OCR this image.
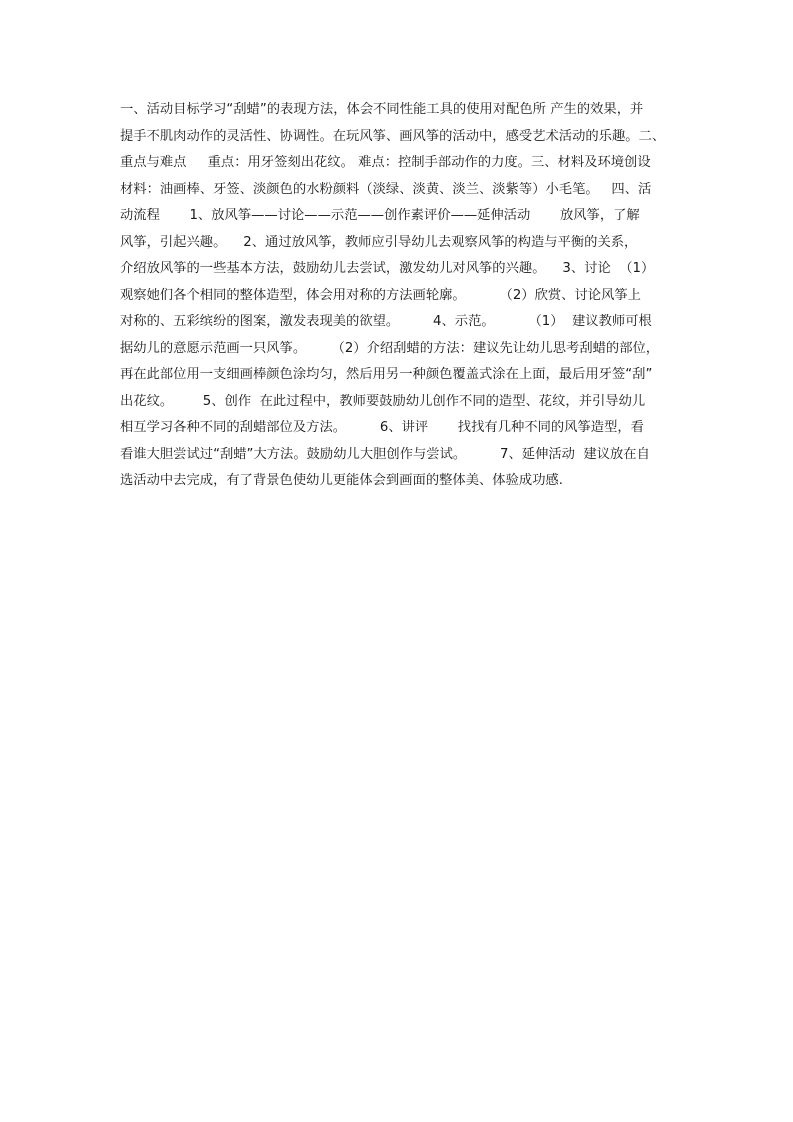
一、活动目标学习“刮蜡”的表现方法，体会不同性能工具的使用对配色所 产生的效果，并
提手不肌肉动作的灵活性、协调性。在玩风筝、画风筝的活动中，感受艺术活动的乐趣。二、
重点与难点     重点：用牙签刻出花纹。 难点：控制手部动作的力度。三、材料及环境创设
材料：油画棒、牙签、淡颜色的水粉颜料（淡绿、淡黄、淡兰、淡紫等）小毛笔。   四、活
动流程       1、放风筝——讨论——示范——创作素评价——延伸活动       放风筝，了解
风筝，引起兴趣。    2、通过放风筝，教师应引导幼儿去观察风筝的构造与平衡的关系，
介绍放风筝的一些基本方法，鼓励幼儿去尝试，激发幼儿对风筝的兴趣。    3、讨论  （1）
观察她们各个相同的整体造型，体会用对称的方法画轮廓。        （2）欣赏、讨论风筝上
对称的、五彩缤纷的图案，激发表现美的欲望。        4、示范。        （1）  建议教师可根
据幼儿的意愿示范画一只风筝。      （2）介绍刮蜡的方法：建议先让幼儿思考刮蜡的部位，
再在此部位用一支细画棒颜色涂均匀，然后用另一种颜色覆盖式涂在上面，最后用牙签“刮”
出花纹。       5、创作  在此过程中，教师要鼓励幼儿创作不同的造型、花纹，并引导幼儿
相互学习各种不同的刮蜡部位及方法。        6、讲评       找找有几种不同的风筝造型，看
看谁大胆尝试过“刮蜡”大方法。鼓励幼儿大胆创作与尝试。        7、延伸活动  建议放在自
选活动中去完成，有了背景色使幼儿更能体会到画面的整体美、体验成功感.
